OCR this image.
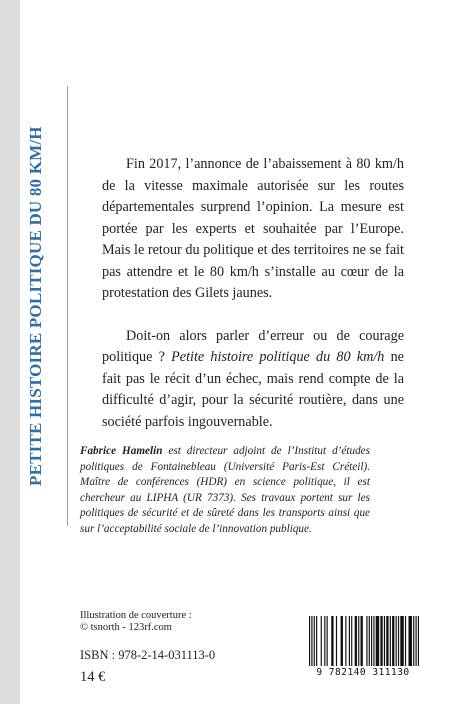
PETITE HISTOIRE POLITIQUE DU 80 KM/H	Fin 2017, l’annonce de l’abaissement à 80 km/h de la vitesse maximale autorisée sur les routes départementales surprend l’opinion. La mesure est portée par les experts et souhaitée par l’Europe. Mais le retour du politique et des territoires ne se fait pas attendre et le 80 km/h s’installe au cœur de la protestation des Gilets jaunes.

Doit-on alors parler d’erreur ou de courage politique ? Petite histoire politique du 80 km/h ne fait pas le récit d’un échec, mais rend compte de la difficulté d’agir, pour la sécurité routière, dans une société parfois ingouvernable.

Fabrice Hamelin est directeur adjoint de l’Institut d’études politiques de Fontainebleau (Université Paris-Est Créteil). Maître de conférences (HDR) en science politique, il est chercheur au LIPHA (UR 7373). Ses travaux portent sur les politiques de sécurité et de sûreté dans les transports ainsi que sur l’acceptabilité sociale de l’innovation publique.
Illustration de couverture :
© tsnorth - 123rf.com
ISBN : 978-2-14-031113-0
14 €	9 782140 311130
